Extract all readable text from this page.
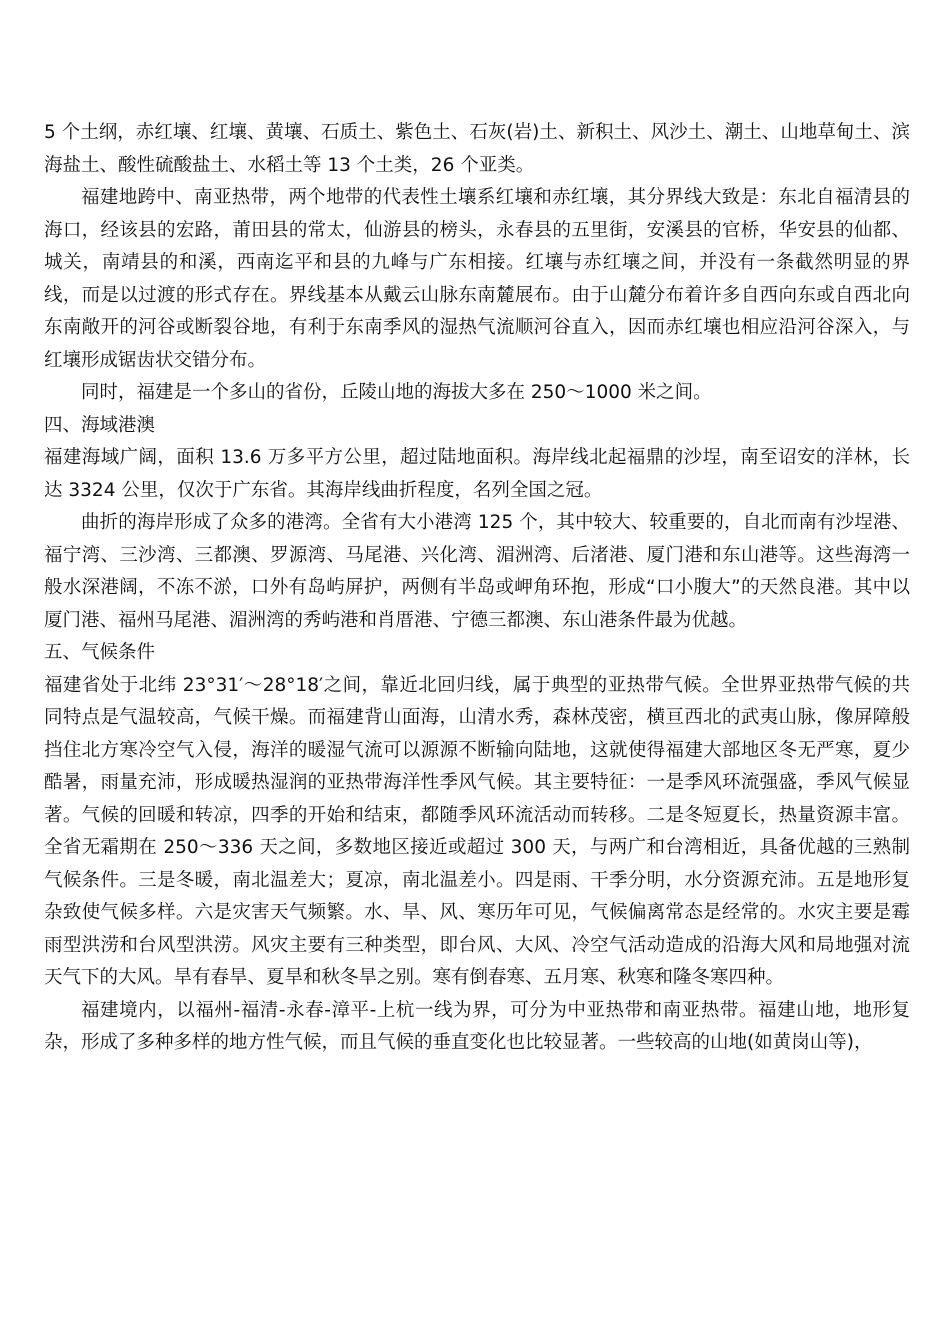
5 个土纲，赤红壤、红壤、黄壤、石质土、紫色土、石灰(岩)土、新积土、风沙土、潮土、山地草甸土、滨海盐土、酸性硫酸盐土、水稻土等 13 个土类，26 个亚类。

福建地跨中、南亚热带，两个地带的代表性土壤系红壤和赤红壤，其分界线大致是：东北自福清县的海口，经该县的宏路，莆田县的常太，仙游县的榜头，永春县的五里街，安溪县的官桥，华安县的仙都、城关，南靖县的和溪，西南迄平和县的九峰与广东相接。红壤与赤红壤之间，并没有一条截然明显的界线，而是以过渡的形式存在。界线基本从戴云山脉东南麓展布。由于山麓分布着许多自西向东或自西北向东南敞开的河谷或断裂谷地，有利于东南季风的湿热气流顺河谷直入，因而赤红壤也相应沿河谷深入，与红壤形成锯齿状交错分布。

同时，福建是一个多山的省份，丘陵山地的海拔大多在 250～1000 米之间。

四、海域港澳

福建海域广阔，面积 13.6 万多平方公里，超过陆地面积。海岸线北起福鼎的沙埕，南至诏安的洋林，长达 3324 公里，仅次于广东省。其海岸线曲折程度，名列全国之冠。

曲折的海岸形成了众多的港湾。全省有大小港湾 125 个，其中较大、较重要的，自北而南有沙埕港、福宁湾、三沙湾、三都澳、罗源湾、马尾港、兴化湾、湄洲湾、后渚港、厦门港和东山港等。这些海湾一般水深港阔，不冻不淤，口外有岛屿屏护，两侧有半岛或岬角环抱，形成“口小腹大”的天然良港。其中以厦门港、福州马尾港、湄洲湾的秀屿港和肖厝港、宁德三都澳、东山港条件最为优越。

五、气候条件

福建省处于北纬 23°31′～28°18′之间，靠近北回归线，属于典型的亚热带气候。全世界亚热带气候的共同特点是气温较高，气候干燥。而福建背山面海，山清水秀，森林茂密，横亘西北的武夷山脉，像屏障般挡住北方寒冷空气入侵，海洋的暖湿气流可以源源不断输向陆地，这就使得福建大部地区冬无严寒，夏少酷暑，雨量充沛，形成暖热湿润的亚热带海洋性季风气候。其主要特征：一是季风环流强盛，季风气候显著。气候的回暖和转凉，四季的开始和结束，都随季风环流活动而转移。二是冬短夏长，热量资源丰富。全省无霜期在 250～336 天之间，多数地区接近或超过 300 天，与两广和台湾相近，具备优越的三熟制气候条件。三是冬暖，南北温差大；夏凉，南北温差小。四是雨、干季分明，水分资源充沛。五是地形复杂致使气候多样。六是灾害天气频繁。水、旱、风、寒历年可见，气候偏离常态是经常的。水灾主要是霉雨型洪涝和台风型洪涝。风灾主要有三种类型，即台风、大风、冷空气活动造成的沿海大风和局地强对流天气下的大风。旱有春旱、夏旱和秋冬旱之别。寒有倒春寒、五月寒、秋寒和隆冬寒四种。

福建境内，以福州-福清-永春-漳平-上杭一线为界，可分为中亚热带和南亚热带。福建山地，地形复杂，形成了多种多样的地方性气候，而且气候的垂直变化也比较显著。一些较高的山地(如黄岗山等)，
